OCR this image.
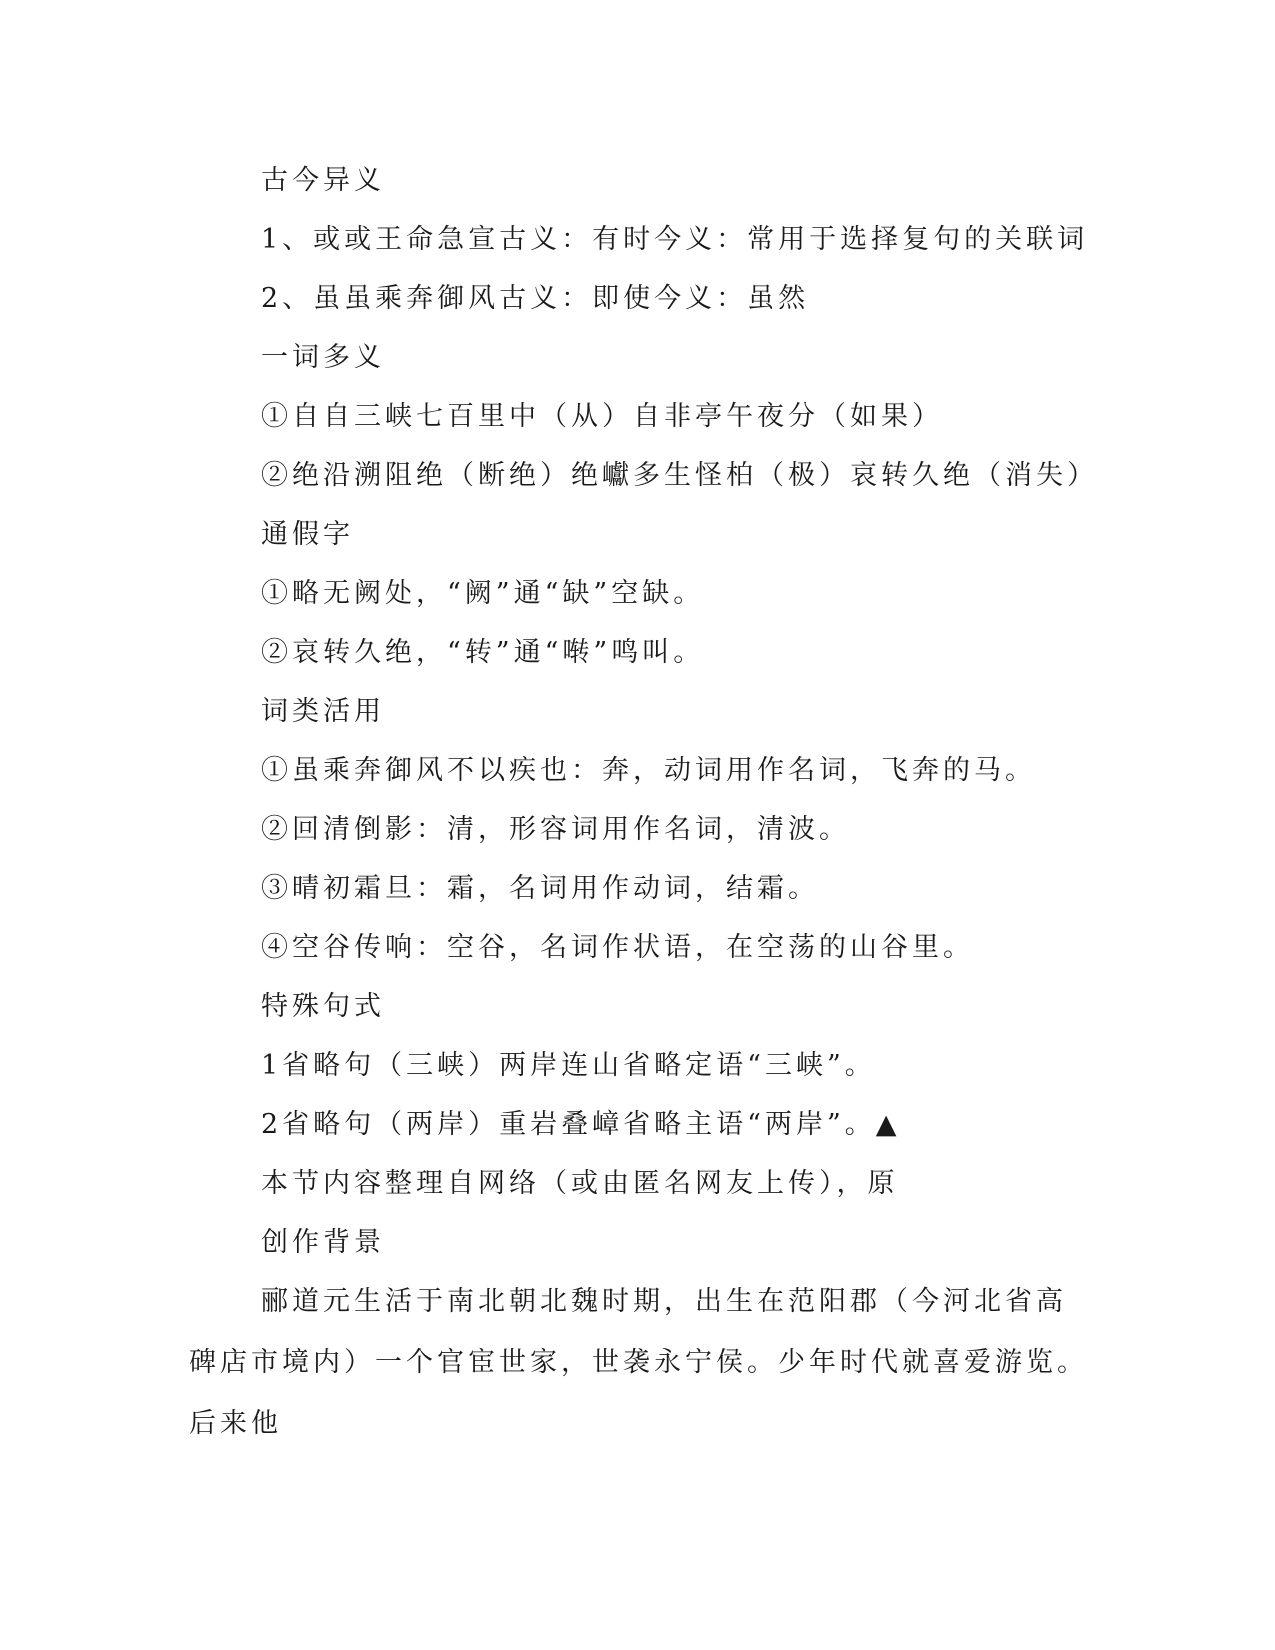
古今异义
1、或或王命急宣古义：有时今义：常用于选择复句的关联词
2、虽虽乘奔御风古义：即使今义：虽然
一词多义
①自自三峡七百里中（从）自非亭午夜分（如果）
②绝沿溯阻绝（断绝）绝巘多生怪柏（极）哀转久绝（消失）
通假字
①略无阙处，“阙”通“缺”空缺。
②哀转久绝，“转”通“啭”鸣叫。
词类活用
①虽乘奔御风不以疾也：奔，动词用作名词，飞奔的马。
②回清倒影：清，形容词用作名词，清波。
③晴初霜旦：霜，名词用作动词，结霜。
④空谷传响：空谷，名词作状语，在空荡的山谷里。
特殊句式
1省略句（三峡）两岸连山省略定语“三峡”。
2省略句（两岸）重岩叠嶂省略主语“两岸”。▲
本节内容整理自网络（或由匿名网友上传），原
创作背景
郦道元生活于南北朝北魏时期，出生在范阳郡（今河北省高碑店市境内）一个官宦世家，世袭永宁侯。少年时代就喜爱游览。后来他
